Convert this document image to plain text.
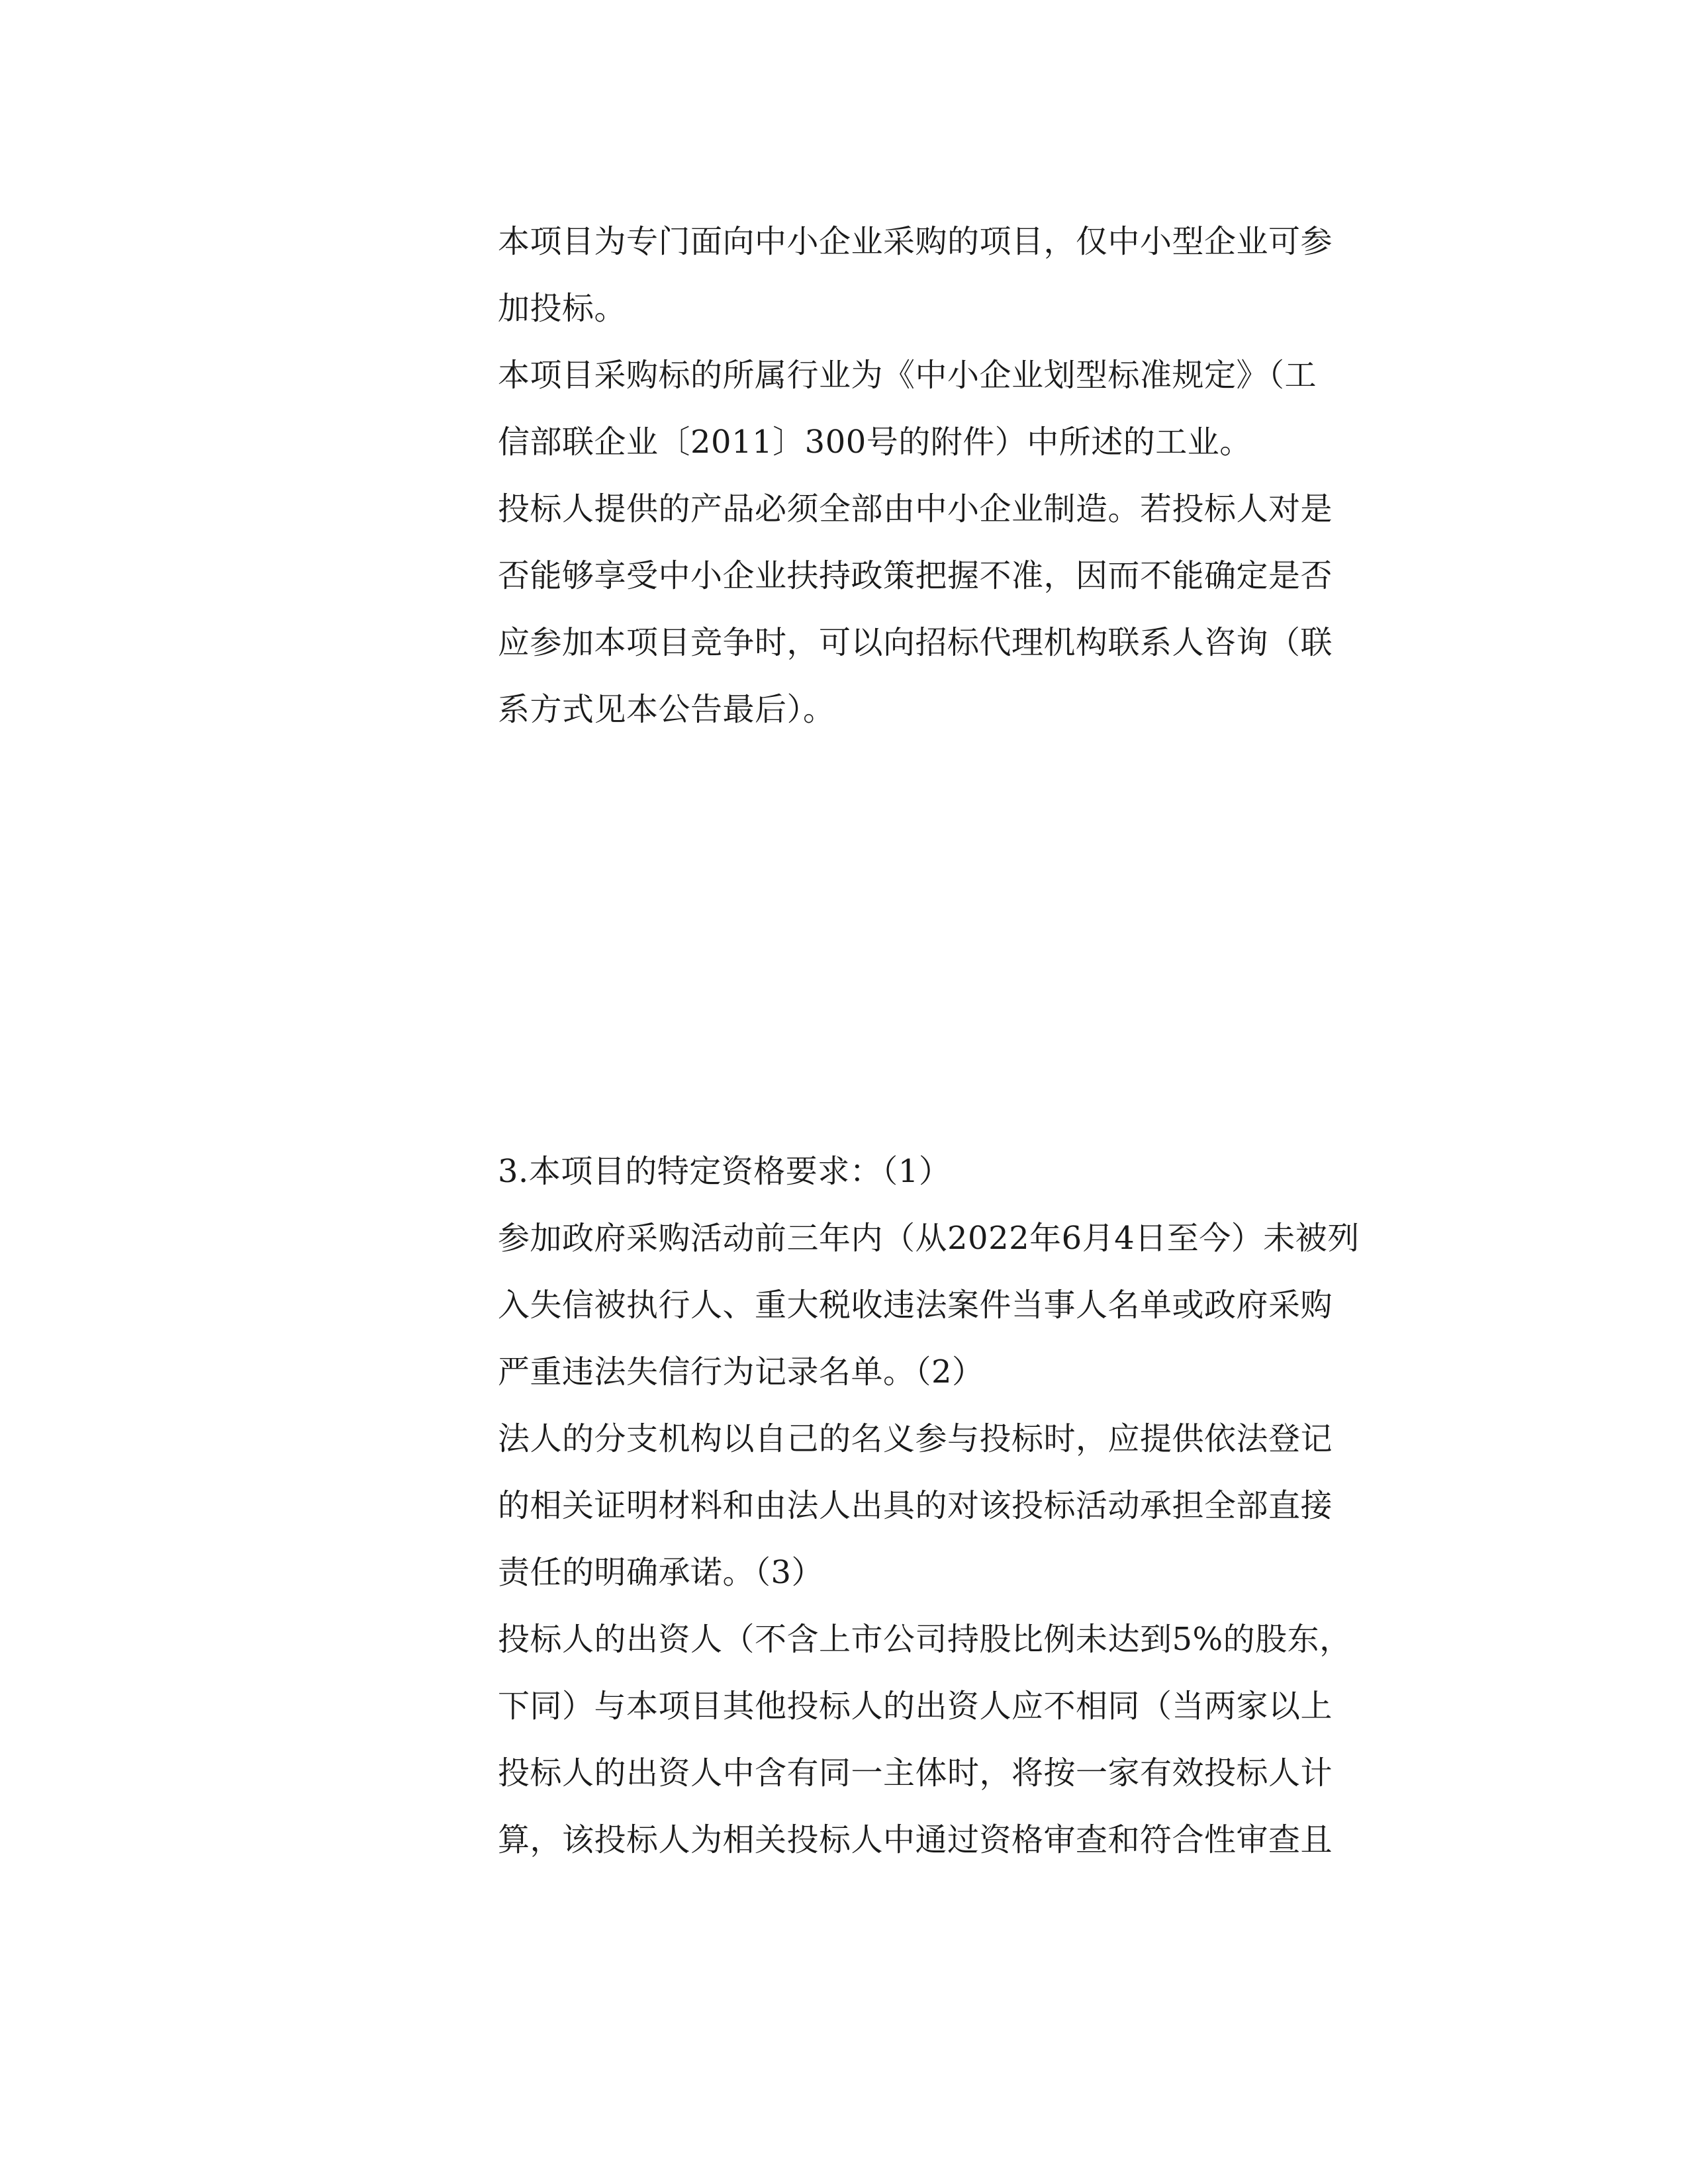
本项目为专门面向中小企业采购的项目，仅中小型企业可参
加投标。
本项目采购标的所属行业为《中小企业划型标准规定》（工
信部联企业〔2011〕300号的附件）中所述的工业。
投标人提供的产品必须全部由中小企业制造。若投标人对是
否能够享受中小企业扶持政策把握不准，因而不能确定是否
应参加本项目竞争时，可以向招标代理机构联系人咨询（联
系方式见本公告最后）。
3.本项目的特定资格要求：（1）
参加政府采购活动前三年内（从2022年6月4日至今）未被列
入失信被执行人、重大税收违法案件当事人名单或政府采购
严重违法失信行为记录名单。（2）
法人的分支机构以自己的名义参与投标时，应提供依法登记
的相关证明材料和由法人出具的对该投标活动承担全部直接
责任的明确承诺。（3）
投标人的出资人（不含上市公司持股比例未达到5%的股东，
下同）与本项目其他投标人的出资人应不相同（当两家以上
投标人的出资人中含有同一主体时，将按一家有效投标人计
算，该投标人为相关投标人中通过资格审查和符合性审查且
